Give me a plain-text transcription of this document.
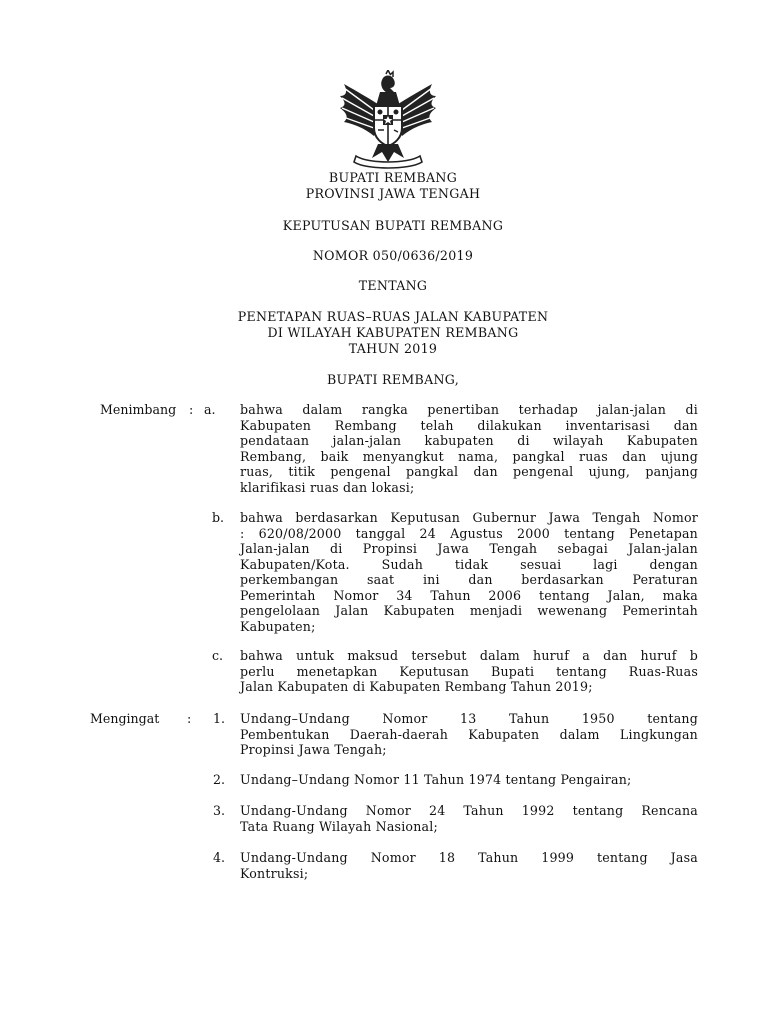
BUPATI REMBANG
PROVINSI JAWA TENGAH
KEPUTUSAN BUPATI REMBANG
NOMOR 050/0636/2019
TENTANG
PENETAPAN RUAS–RUAS JALAN KABUPATEN
DI WILAYAH KABUPATEN REMBANG
TAHUN 2019
BUPATI REMBANG,
Menimbang : a. bahwa dalam rangka penertiban terhadap jalan-jalan di
Kabupaten Rembang telah dilakukan inventarisasi dan
pendataan jalan-jalan kabupaten di wilayah Kabupaten
Rembang, baik menyangkut nama, pangkal ruas dan ujung
ruas, titik pengenal pangkal dan pengenal ujung, panjang
klarifikasi ruas dan lokasi;
b. bahwa berdasarkan Keputusan Gubernur Jawa Tengah Nomor
: 620/08/2000 tanggal 24 Agustus 2000 tentang Penetapan
Jalan-jalan di Propinsi Jawa Tengah sebagai Jalan-jalan
Kabupaten/Kota. Sudah tidak sesuai lagi dengan
perkembangan saat ini dan berdasarkan Peraturan
Pemerintah Nomor 34 Tahun 2006 tentang Jalan, maka
pengelolaan Jalan Kabupaten menjadi wewenang Pemerintah
Kabupaten;
c. bahwa untuk maksud tersebut dalam huruf a dan huruf b
perlu menetapkan Keputusan Bupati tentang Ruas-Ruas
Jalan Kabupaten di Kabupaten Rembang Tahun 2019;
Mengingat : 1. Undang–Undang Nomor 13 Tahun 1950 tentang
Pembentukan Daerah-daerah Kabupaten dalam Lingkungan
Propinsi Jawa Tengah;
2. Undang–Undang Nomor 11 Tahun 1974 tentang Pengairan;
3. Undang-Undang Nomor 24 Tahun 1992 tentang Rencana
Tata Ruang Wilayah Nasional;
4. Undang-Undang Nomor 18 Tahun 1999 tentang Jasa
Kontruksi;
